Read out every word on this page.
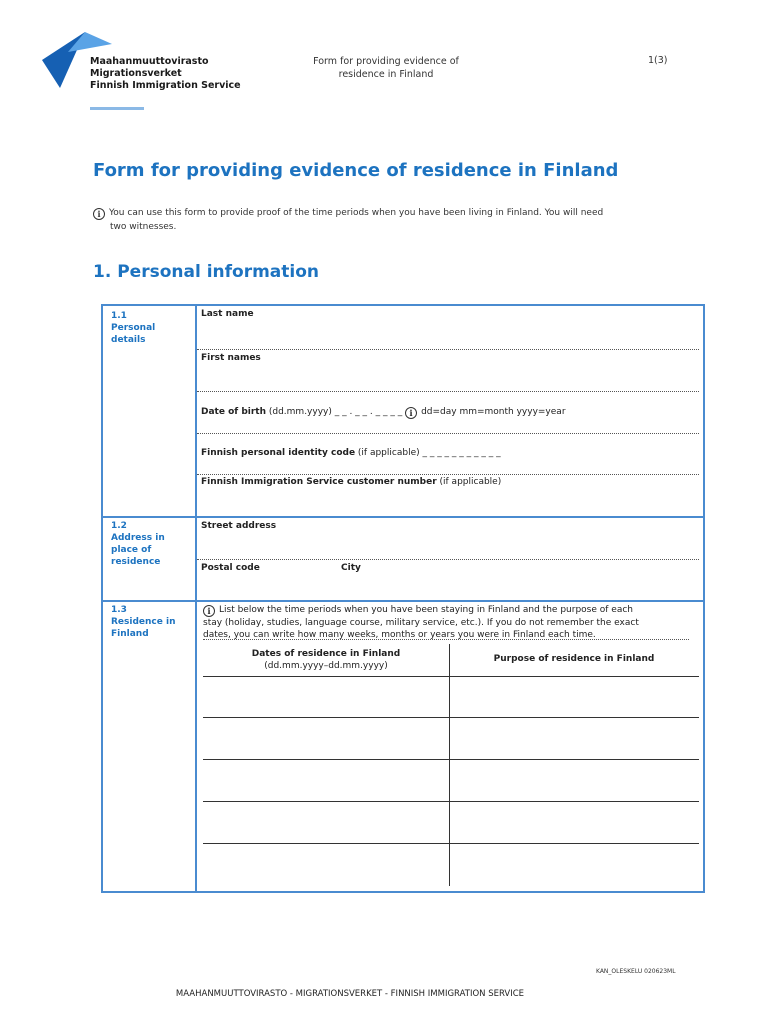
Maahanmuuttovirasto
Migrationsverket
Finnish Immigration Service
Form for providing evidence of
residence in Finland
1(3)
Form for providing evidence of residence in Finland
i You can use this form to provide proof of the time periods when you have been living in Finland. You will need
two witnesses.
1. Personal information
1.1
Personal
details
Last name
First names
Date of birth (dd.mm.yyyy) _ _ . _ _ . _ _ _ _ i dd=day mm=month yyyy=year
Finnish personal identity code (if applicable) _ _ _ _ _ _ _ _ _ _ _
Finnish Immigration Service customer number (if applicable)
1.2
Address in
place of
residence
Street address
Postal code	City
1.3
Residence in
Finland
i List below the time periods when you have been staying in Finland and the purpose of each
stay (holiday, studies, language course, military service, etc.). If you do not remember the exact
dates, you can write how many weeks, months or years you were in Finland each time.
Dates of residence in Finland
(dd.mm.yyyy–dd.mm.yyyy)
Purpose of residence in Finland
KAN_OLESKELU 020623ML
MAAHANMUUTTOVIRASTO - MIGRATIONSVERKET - FINNISH IMMIGRATION SERVICE
